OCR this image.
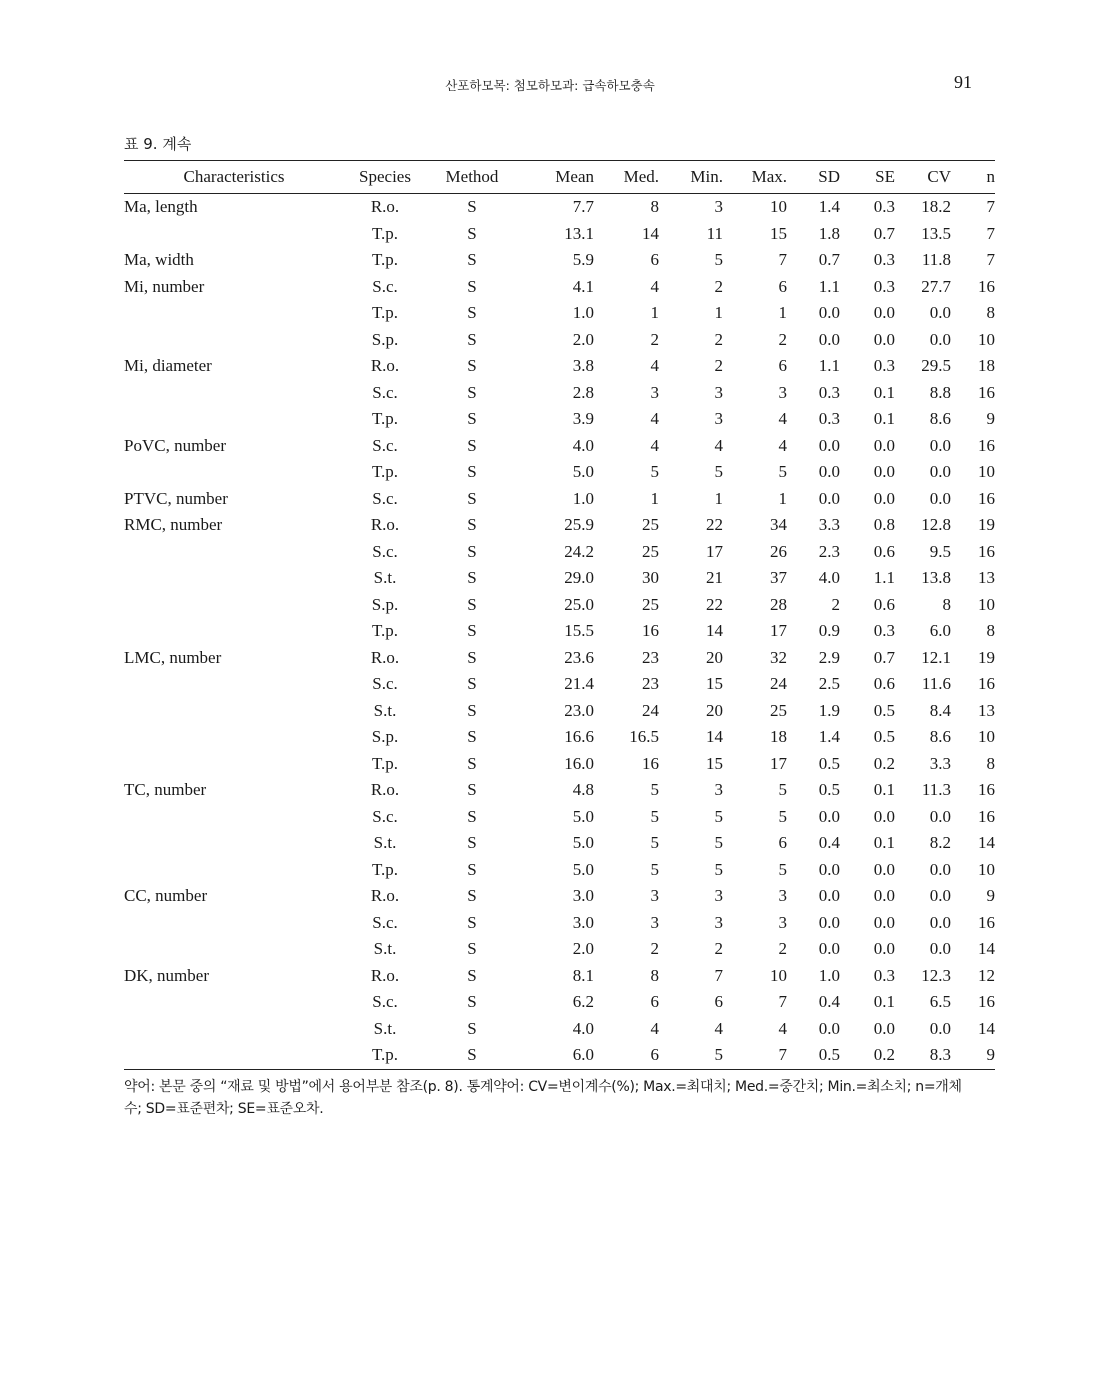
산포하모목: 첨모하모과: 급속하모충속	91
표 9. 계속
Characteristics	Species	Method	Mean	Med.	Min.	Max.	SD	SE	CV	n
Ma, length	R.o.	S	7.7	8	3	10	1.4	0.3	18.2	7
	T.p.	S	13.1	14	11	15	1.8	0.7	13.5	7
Ma, width	T.p.	S	5.9	6	5	7	0.7	0.3	11.8	7
Mi, number	S.c.	S	4.1	4	2	6	1.1	0.3	27.7	16
	T.p.	S	1.0	1	1	1	0.0	0.0	0.0	8
	S.p.	S	2.0	2	2	2	0.0	0.0	0.0	10
Mi, diameter	R.o.	S	3.8	4	2	6	1.1	0.3	29.5	18
	S.c.	S	2.8	3	3	3	0.3	0.1	8.8	16
	T.p.	S	3.9	4	3	4	0.3	0.1	8.6	9
PoVC, number	S.c.	S	4.0	4	4	4	0.0	0.0	0.0	16
	T.p.	S	5.0	5	5	5	0.0	0.0	0.0	10
PTVC, number	S.c.	S	1.0	1	1	1	0.0	0.0	0.0	16
RMC, number	R.o.	S	25.9	25	22	34	3.3	0.8	12.8	19
	S.c.	S	24.2	25	17	26	2.3	0.6	9.5	16
	S.t.	S	29.0	30	21	37	4.0	1.1	13.8	13
	S.p.	S	25.0	25	22	28	2	0.6	8	10
	T.p.	S	15.5	16	14	17	0.9	0.3	6.0	8
LMC, number	R.o.	S	23.6	23	20	32	2.9	0.7	12.1	19
	S.c.	S	21.4	23	15	24	2.5	0.6	11.6	16
	S.t.	S	23.0	24	20	25	1.9	0.5	8.4	13
	S.p.	S	16.6	16.5	14	18	1.4	0.5	8.6	10
	T.p.	S	16.0	16	15	17	0.5	0.2	3.3	8
TC, number	R.o.	S	4.8	5	3	5	0.5	0.1	11.3	16
	S.c.	S	5.0	5	5	5	0.0	0.0	0.0	16
	S.t.	S	5.0	5	5	6	0.4	0.1	8.2	14
	T.p.	S	5.0	5	5	5	0.0	0.0	0.0	10
CC, number	R.o.	S	3.0	3	3	3	0.0	0.0	0.0	9
	S.c.	S	3.0	3	3	3	0.0	0.0	0.0	16
	S.t.	S	2.0	2	2	2	0.0	0.0	0.0	14
DK, number	R.o.	S	8.1	8	7	10	1.0	0.3	12.3	12
	S.c.	S	6.2	6	6	7	0.4	0.1	6.5	16
	S.t.	S	4.0	4	4	4	0.0	0.0	0.0	14
	T.p.	S	6.0	6	5	7	0.5	0.2	8.3	9
약어: 본문 중의 “재료 및 방법”에서 용어부분 참조(p. 8). 통계약어: CV=변이계수(%); Max.=최대치; Med.=중간치; Min.=최소치; n=개체수; SD=표준편차; SE=표준오차.
